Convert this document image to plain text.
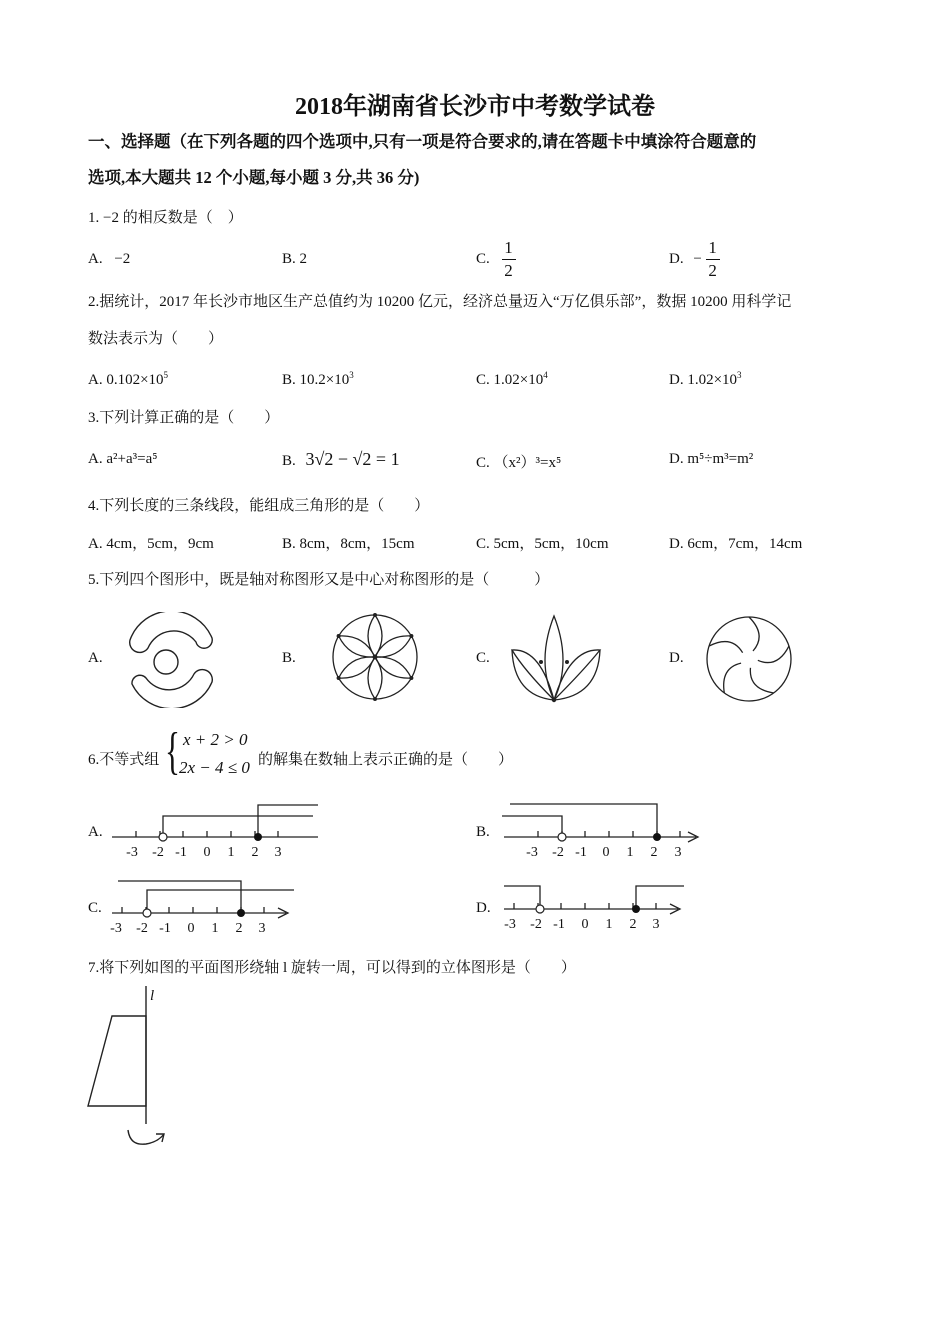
2018年湖南省长沙市中考数学试卷
一、选择题（在下列各题的四个选项中,只有一项是符合要求的,请在答题卡中填涂符合题意的
选项,本大题共 12 个小题,每小题 3 分,共 36 分)
1. −2 的相反数是（　）
A. −2	B. 2	C. $\frac{1}{2}$	D. − $\frac{1}{2}$
2.据统计，2017 年长沙市地区生产总值约为 10200 亿元，经济总量迈入“万亿俱乐部”，数据 10200 用科学记
数法表示为（　　）
A. $0.102\times 10^5$	B. $10.2\times 10^3$	C. $1.02\times 10^4$	D. $1.02\times 10^3$
3.下列计算正确的是（　　）
A. a²+a³=a⁵	B. 3√2 − √2 = 1	C. （x²）³=x⁵	D. m⁵÷m³=m²
4.下列长度的三条线段，能组成三角形的是（　　）
A. 4cm，5cm，9cm	B. 8cm，8cm，15cm	C. 5cm，5cm，10cm	D. 6cm，7cm，14cm
5.下列四个图形中，既是轴对称图形又是中心对称图形的是（　　　）
A.	B.	C.	D.
6.不等式组 { x + 2 > 0
2x − 4 ≤ 0 的解集在数轴上表示正确的是（　　）
A.	B.
C.	D.
-3 -2 -1 0 1 2 3	-3 -2 -1 0 1 2 3
-3 -2 -1 0 1 2 3	-3 -2 -1 0 1 2 3
7.将下列如图的平面图形绕轴 l 旋转一周，可以得到的立体图形是（　　）
l
